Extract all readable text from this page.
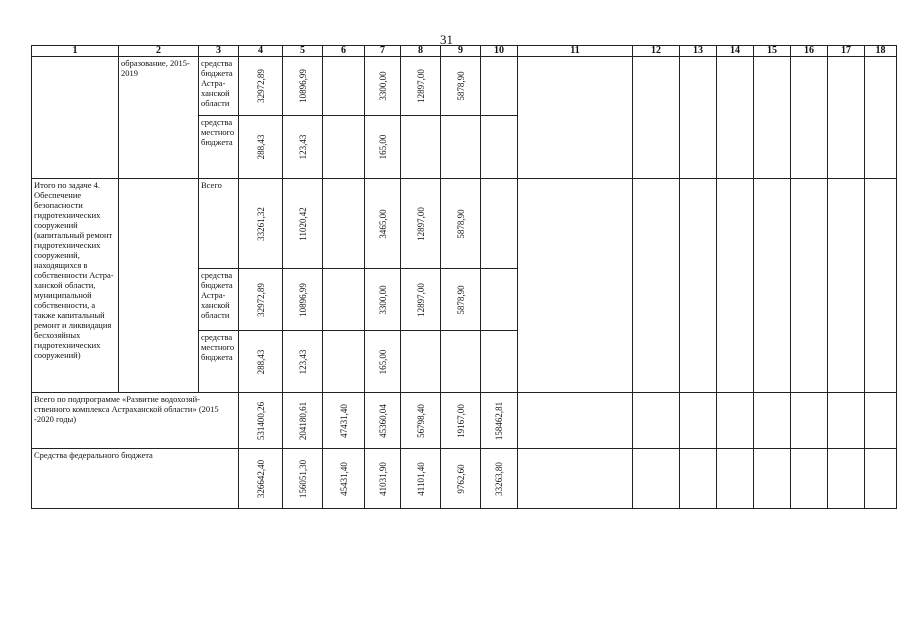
31
1	2	3	4	5	6	7	8	9	10	11	12	13	14	15	16	17	18
	образование, 2015-2019	средства бюджета Астра-ханской области	32972,89	10896,99		3300,00	12897,00	5878,90									

		средства местного бюджета	288,43	123,43		165,00											

Итого по задаче 4. Обеспечение безопасности гидротехнических сооружений (капитальный ремонт гидротехнических сооружений, находящихся в собственности Астра-ханской области, муниципальной собственности, а также капитальный ремонт и ликвидация бесхозяйных гидротехнических сооружений)		Всего	33261,32	11020,42		3465,00	12897,00	5878,90									

		средства бюджета Астра-ханской области	32972,89	10896,99		3300,00	12897,00	5878,90									

		средства местного бюджета	288,43	123,43		165,00											

Всего по подпрограмме «Развитие водохозяй-ственного комплекса Астраханской области» (2015 -2020 годы)			531400,26	204180,61	47431,40	45360,04	56798,40	19167,00	158462,81								

Средства федерального бюджета			326642,40	156051,30	45431,40	41031,90	41101,40	9762,60	33263,80								
